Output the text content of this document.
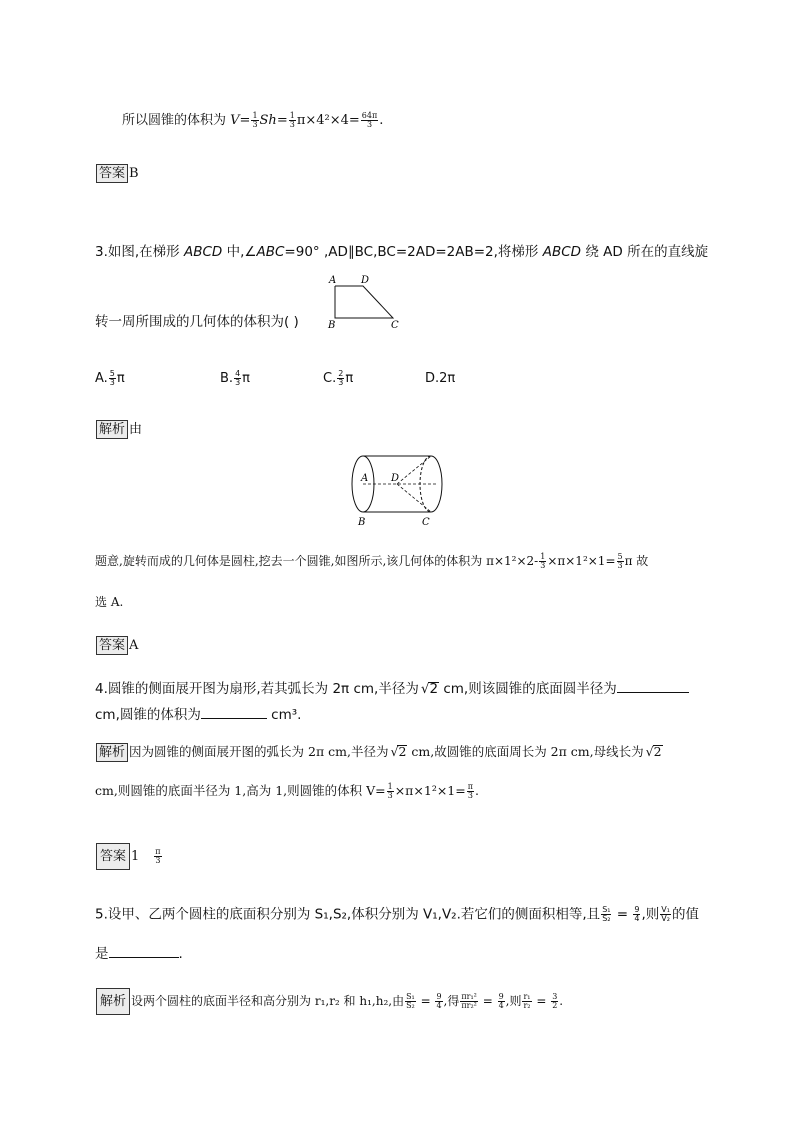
所以圆锥的体积为 $V= \frac{1}{3} Sh= \frac{1}{3} \pi\times 4^2\times 4= \frac{64\pi}{3}$ .
答案 B
3.如图,在梯形 ABCD 中,∠ABC=90° ,AD∥BC,BC=2AD=2AB=2,将梯形 ABCD 绕 AD 所在的直线旋
A D
B	C
转一周所围成的几何体的体积为( )
A. $\frac{5}{3}$ π	B. $\frac{4}{3}$ π	C. $\frac{2}{3}$ π	D.2π
解析 由
A D
B	C
题意,旋转而成的几何体是圆柱,挖去一个圆锥,如图所示,该几何体的体积为 $\pi\times 1^2\times 2- \frac{1}{3} \times\pi\times 1^2\times 1= \frac{5}{3}$ π 故
选 A.
答案 A
4.圆锥的侧面展开图为扇形,若其弧长为 2π cm,半径为 √ 2 cm,则该圆锥的底面圆半径为
cm,圆锥的体积为	cm³.
解析 因为圆锥的侧面展开图的弧长为 2π cm,半径为 √ 2 cm,故圆锥的底面周长为 2π cm,母线长为 √ 2
cm,则圆锥的底面半径为 1,高为 1,则圆锥的体积 $V= \frac{1}{3} \times\pi\times 1^2\times 1= \frac{\pi}{3}$ .
答案 $1 \frac{\pi}{3}$
5.设甲、乙两个圆柱的底面积分别为 S₁,S₂,体积分别为 V₁,V₂.若它们的侧面积相等,且 $\frac{\text{S₁}}{\text{S₂}} = \frac{9}{4}$ ,则 $\frac{\text{V₁}}{\text{V₂}}$ 的值
是	.
解析 设两个圆柱的底面半径和高分别为 r₁,r₂ 和 h₁,h₂,由 $\frac{\text{S₁}}{\text{S₂}} = \frac{9}{4}$ ,得 $\frac{\text{πr₁²}}{\text{πr₂²}} = \frac{9}{4}$ ,则 $\frac{\text{r₁}}{\text{r₂}} = \frac{3}{2}$ .
